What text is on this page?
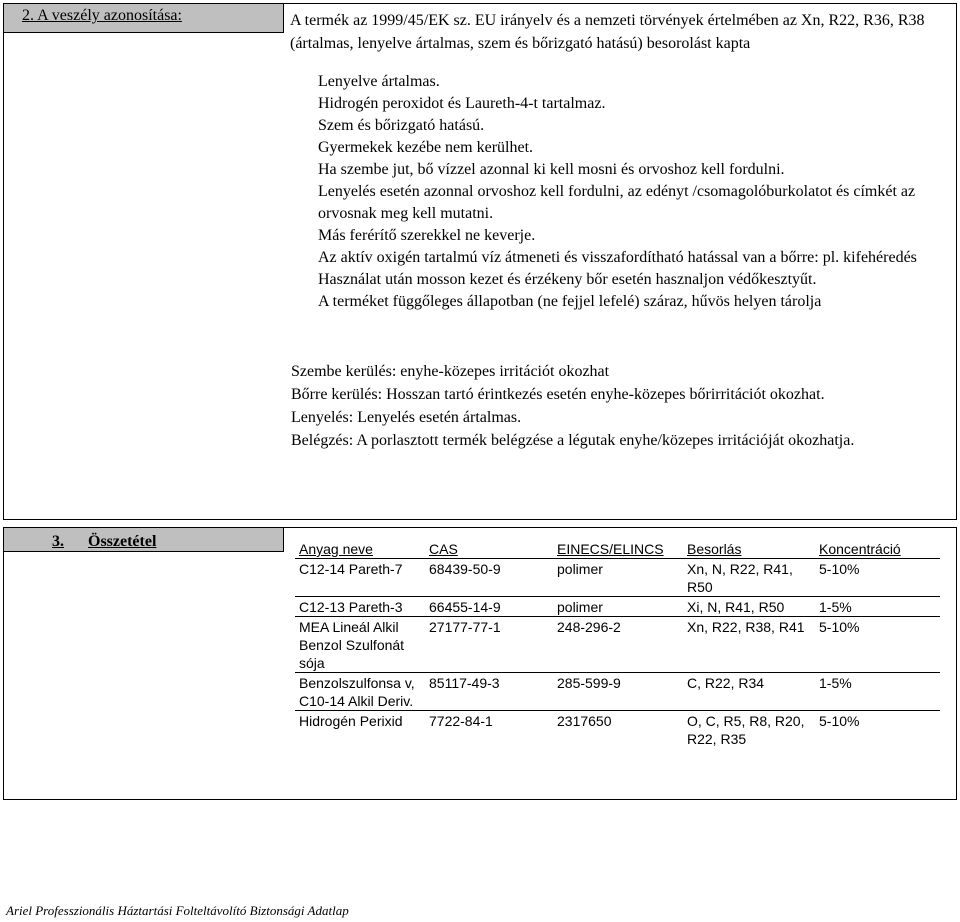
2. A veszély azonosítása:	A termék az 1999/45/EK sz. EU irányelv és a nemzeti törvények értelmében az Xn, R22, R36, R38 (ártalmas, lenyelve ártalmas, szem és bőrizgató hatású) besorolást kapta
Lenyelve ártalmas.
Hidrogén peroxidot és Laureth-4-t tartalmaz.
Szem és bőrizgató hatású.
Gyermekek kezébe nem kerülhet.
Ha szembe jut, bő vízzel azonnal ki kell mosni és orvoshoz kell fordulni.
Lenyelés esetén azonnal orvoshoz kell fordulni, az edényt /csomagolóburkolatot és címkét az orvosnak meg kell mutatni.
Más ferérítő szerekkel ne keverje.
Az aktív oxigén tartalmú víz átmeneti és visszafordítható hatással van a bőrre: pl. kifehéredés
Használat után mosson kezet és érzékeny bőr esetén hasznaljon védőkesztyűt.
A terméket függőleges állapotban (ne fejjel lefelé) száraz, hűvös helyen tárolja
Szembe kerülés: enyhe-közepes irritációt okozhat
Bőrre kerülés: Hosszan tartó érintkezés esetén enyhe-közepes bőrirritációt okozhat.
Lenyelés: Lenyelés esetén ártalmas.
Belégzés: A porlasztott termék belégzése a légutak enyhe/közepes irritációját okozhatja.
3. Összetétel	Anyag neve	CAS	EINECS/ELINCS	Besorlás	Koncentráció
C12-14 Pareth-7	68439-50-9	polimer	Xn, N, R22, R41, R50	5-10%
C12-13 Pareth-3	66455-14-9	polimer	Xi, N, R41, R50	1-5%
MEA Lineál Alkil Benzol Szulfonát sója	27177-77-1	248-296-2	Xn, R22, R38, R41	5-10%
Benzolszulfonsa v, C10-14 Alkil Deriv.	85117-49-3	285-599-9	C, R22, R34	1-5%
Hidrogén Perixid	7722-84-1	2317650	O, C, R5, R8, R20, R22, R35	5-10%
Ariel Professzionális Háztartási Folteltávolító Biztonsági Adatlap
